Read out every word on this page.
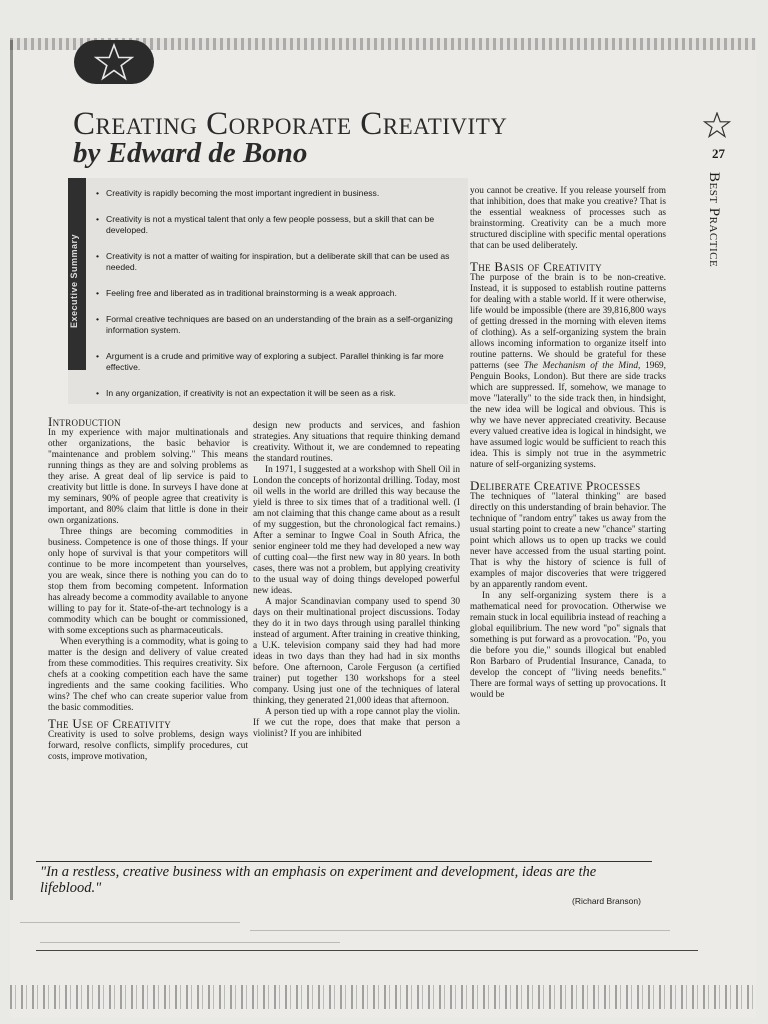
Creating Corporate Creativity
by Edward de Bono	27
Best Practice
Executive Summary
• Creativity is rapidly becoming the most important ingredient in business.
• Creativity is not a mystical talent that only a few people possess, but a skill that can be developed.
• Creativity is not a matter of waiting for inspiration, but a deliberate skill that can be used as needed.
• Feeling free and liberated as in traditional brainstorming is a weak approach.
• Formal creative techniques are based on an understanding of the brain as a self-organizing information system.
• Argument is a crude and primitive way of exploring a subject. Parallel thinking is far more effective.
• In any organization, if creativity is not an expectation it will be seen as a risk.
Introduction

In my experience with major multinationals and other organizations, the basic behavior is "maintenance and problem solving." This means running things as they are and solving problems as they arise. A great deal of lip service is paid to creativity but little is done. In surveys I have done at my seminars, 90% of people agree that creativity is important, and 80% claim that little is done in their own organizations.

Three things are becoming commodities in business. Competence is one of those things. If your only hope of survival is that your competitors will continue to be more incompetent than yourselves, you are weak, since there is nothing you can do to stop them from becoming competent. Information has already become a commodity available to anyone willing to pay for it. State-of-the-art technology is a commodity which can be bought or commissioned, with some exceptions such as pharmaceuticals.

When everything is a commodity, what is going to matter is the design and delivery of value created from these commodities. This requires creativity. Six chefs at a cooking competition each have the same ingredients and the same cooking facilities. Who wins? The chef who can create superior value from the basic commodities.

The Use of Creativity

Creativity is used to solve problems, design ways forward, resolve conflicts, simplify procedures, cut costs, improve motivation,

design new products and services, and fashion strategies. Any situations that require thinking demand creativity. Without it, we are condemned to repeating the standard routines.

In 1971, I suggested at a workshop with Shell Oil in London the concepts of horizontal drilling. Today, most oil wells in the world are drilled this way because the yield is three to six times that of a traditional well. (I am not claiming that this change came about as a result of my suggestion, but the chronological fact remains.) After a seminar to Ingwe Coal in South Africa, the senior engineer told me they had developed a new way of cutting coal—the first new way in 80 years. In both cases, there was not a problem, but applying creativity to the usual way of doing things developed powerful new ideas.

A major Scandinavian company used to spend 30 days on their multinational project discussions. Today they do it in two days through using parallel thinking instead of argument. After training in creative thinking, a U.K. television company said they had had more ideas in two days than they had had in six months before. One afternoon, Carole Ferguson (a certified trainer) put together 130 workshops for a steel company. Using just one of the techniques of lateral thinking, they generated 21,000 ideas that afternoon.

A person tied up with a rope cannot play the violin. If we cut the rope, does that make that person a violinist? If you are inhibited

you cannot be creative. If you release yourself from that inhibition, does that make you creative? That is the essential weakness of processes such as brainstorming. Creativity can be a much more structured discipline with specific mental operations that can be used deliberately.

The Basis of Creativity

The purpose of the brain is to be non-creative. Instead, it is supposed to establish routine patterns for dealing with a stable world. If it were otherwise, life would be impossible (there are 39,816,800 ways of getting dressed in the morning with eleven items of clothing). As a self-organizing system the brain allows incoming information to organize itself into routine patterns. We should be grateful for these patterns (see The Mechanism of the Mind, 1969, Penguin Books, London). But there are side tracks which are suppressed. If, somehow, we manage to move "laterally" to the side track then, in hindsight, the new idea will be logical and obvious. This is why we have never appreciated creativity. Because every valued creative idea is logical in hindsight, we have assumed logic would be sufficient to reach this idea. This is simply not true in the asymmetric nature of self-organizing systems.

Deliberate Creative Processes

The techniques of "lateral thinking" are based directly on this understanding of brain behavior. The technique of "random entry" takes us away from the usual starting point to create a new "chance" starting point which allows us to open up tracks we could never have accessed from the usual starting point. That is why the history of science is full of examples of major discoveries that were triggered by an apparently random event.

In any self-organizing system there is a mathematical need for provocation. Otherwise we remain stuck in local equilibria instead of reaching a global equilibrium. The new word "po" signals that something is put forward as a provocation. "Po, you die before you die," sounds illogical but enabled Ron Barbaro of Prudential Insurance, Canada, to develop the concept of "living needs benefits." There are formal ways of setting up provocations. It would be

"In a restless, creative business with an emphasis on experiment and development, ideas are the lifeblood."

(Richard Branson)
